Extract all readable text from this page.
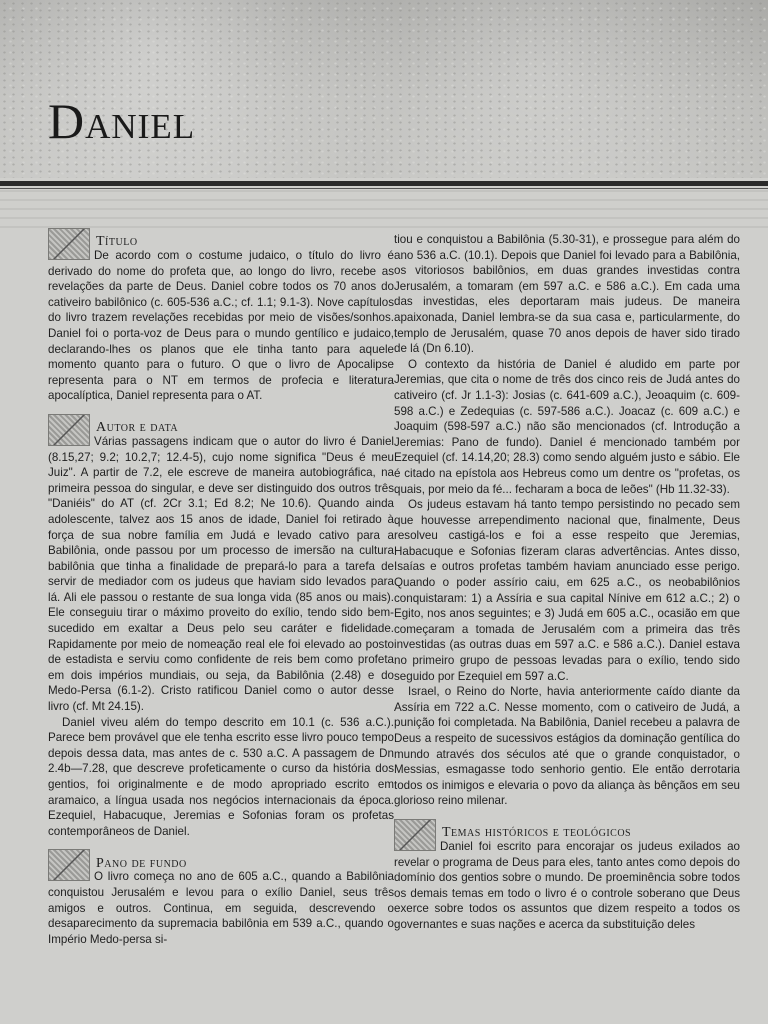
Daniel
Título

De acordo com o costume judaico, o título do livro é derivado do nome do profeta que, ao longo do livro, recebe as revelações da parte de Deus. Daniel cobre todos os 70 anos do cativeiro babilônico (c. 605-536 a.C.; cf. 1.1; 9.1-3). Nove capítulos do livro trazem revelações recebidas por meio de visões/sonhos. Daniel foi o porta-voz de Deus para o mundo gentílico e judaico, declarando-lhes os planos que ele tinha tanto para aquele momento quanto para o futuro. O que o livro de Apocalipse representa para o NT em termos de profecia e literatura apocalíptica, Daniel representa para o AT.

Autor e data

Várias passagens indicam que o autor do livro é Daniel (8.15,27; 9.2; 10.2,7; 12.4-5), cujo nome significa "Deus é meu Juiz". A partir de 7.2, ele escreve de maneira autobiográfica, na primeira pessoa do singular, e deve ser distinguido dos outros três "Daniéis" do AT (cf. 2Cr 3.1; Ed 8.2; Ne 10.6). Quando ainda adolescente, talvez aos 15 anos de idade, Daniel foi retirado à força de sua nobre família em Judá e levado cativo para a Babilônia, onde passou por um processo de imersão na cultura babilônia que tinha a finalidade de prepará-lo para a tarefa de servir de mediador com os judeus que haviam sido levados para lá. Ali ele passou o restante de sua longa vida (85 anos ou mais). Ele conseguiu tirar o máximo proveito do exílio, tendo sido bem-sucedido em exaltar a Deus pelo seu caráter e fidelidade. Rapidamente por meio de nomeação real ele foi elevado ao posto de estadista e serviu como confidente de reis bem como profeta em dois impérios mundiais, ou seja, da Babilônia (2.48) e do Medo-Persa (6.1-2). Cristo ratificou Daniel como o autor desse livro (cf. Mt 24.15).

Daniel viveu além do tempo descrito em 10.1 (c. 536 a.C.). Parece bem provável que ele tenha escrito esse livro pouco tempo depois dessa data, mas antes de c. 530 a.C. A passagem de Dn 2.4b—7.28, que descreve profeticamente o curso da história dos gentios, foi originalmente e de modo apropriado escrito em aramaico, a língua usada nos negócios internacionais da época. Ezequiel, Habacuque, Jeremias e Sofonias foram os profetas contemporâneos de Daniel.

Pano de fundo

O livro começa no ano de 605 a.C., quando a Babilônia conquistou Jerusalém e levou para o exílio Daniel, seus três amigos e outros. Continua, em seguida, descrevendo o desaparecimento da supremacia babilônia em 539 a.C., quando o Império Medo-persa si-

tiou e conquistou a Babilônia (5.30-31), e prossegue para além do ano 536 a.C. (10.1). Depois que Daniel foi levado para a Babilônia, os vitoriosos babilônios, em duas grandes investidas contra Jerusalém, a tomaram (em 597 a.C. e 586 a.C.). Em cada uma das investidas, eles deportaram mais judeus. De maneira apaixonada, Daniel lembra-se da sua casa e, particularmente, do templo de Jerusalém, quase 70 anos depois de haver sido tirado de lá (Dn 6.10).

O contexto da história de Daniel é aludido em parte por Jeremias, que cita o nome de três dos cinco reis de Judá antes do cativeiro (cf. Jr 1.1-3): Josias (c. 641-609 a.C.), Jeoaquim (c. 609-598 a.C.) e Zedequias (c. 597-586 a.C.). Joacaz (c. 609 a.C.) e Joaquim (598-597 a.C.) não são mencionados (cf. Introdução a Jeremias: Pano de fundo). Daniel é mencionado também por Ezequiel (cf. 14.14,20; 28.3) como sendo alguém justo e sábio. Ele é citado na epístola aos Hebreus como um dentre os "profetas, os quais, por meio da fé... fecharam a boca de leões" (Hb 11.32-33).

Os judeus estavam há tanto tempo persistindo no pecado sem que houvesse arrependimento nacional que, finalmente, Deus resolveu castigá-los e foi a esse respeito que Jeremias, Habacuque e Sofonias fizeram claras advertências. Antes disso, Isaías e outros profetas também haviam anunciado esse perigo. Quando o poder assírio caiu, em 625 a.C., os neobabilônios conquistaram: 1) a Assíria e sua capital Nínive em 612 a.C.; 2) o Egito, nos anos seguintes; e 3) Judá em 605 a.C., ocasião em que começaram a tomada de Jerusalém com a primeira das três investidas (as outras duas em 597 a.C. e 586 a.C.). Daniel estava no primeiro grupo de pessoas levadas para o exílio, tendo sido seguido por Ezequiel em 597 a.C.

Israel, o Reino do Norte, havia anteriormente caído diante da Assíria em 722 a.C. Nesse momento, com o cativeiro de Judá, a punição foi completada. Na Babilônia, Daniel recebeu a palavra de Deus a respeito de sucessivos estágios da dominação gentílica do mundo através dos séculos até que o grande conquistador, o Messias, esmagasse todo senhorio gentio. Ele então derrotaria todos os inimigos e elevaria o povo da aliança às bênçãos em seu glorioso reino milenar.

Temas históricos e teológicos

Daniel foi escrito para encorajar os judeus exilados ao revelar o programa de Deus para eles, tanto antes como depois do domínio dos gentios sobre o mundo. De proeminência sobre todos os demais temas em todo o livro é o controle soberano que Deus exerce sobre todos os assuntos que dizem respeito a todos os governantes e suas nações e acerca da substituição deles
